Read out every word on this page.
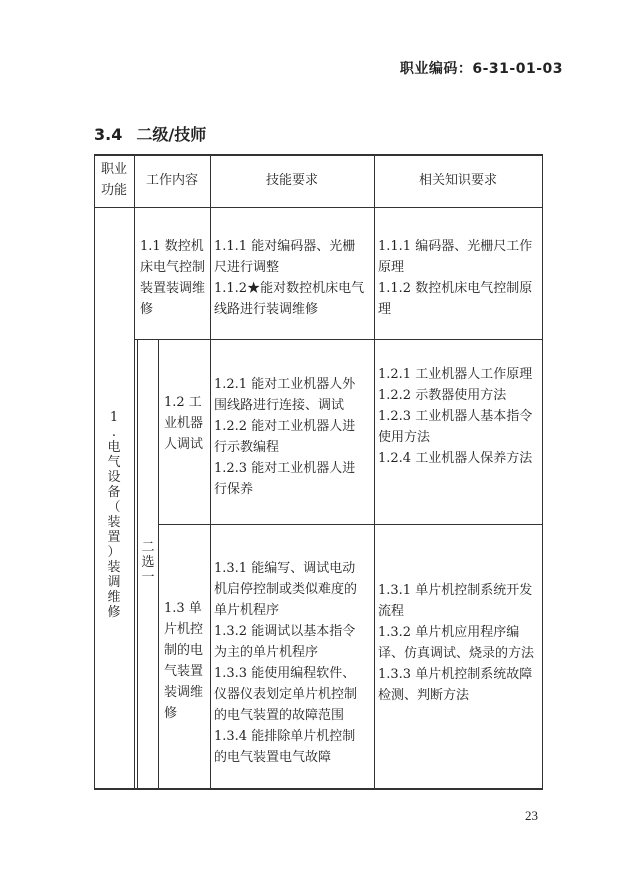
职业编码：6-31-01-03
3.4 二级/技师
职业功能
工作内容	技能要求	相关知识要求
1
.
电
气
设
备
（
装
置
）
装
调
维
修
二
选
一
1.1 数控机床电气控制装置装调维修

1.1.1 能对编码器、光栅尺进行调整

1.1.2★能对数控机床电气线路进行装调维修

1.1.1 编码器、光栅尺工作原理

1.1.2 数控机床电气控制原理

1.2 工业机器人调试

1.2.1 能对工业机器人外围线路进行连接、调试

1.2.2 能对工业机器人进行示教编程

1.2.3 能对工业机器人进行保养

1.2.1 工业机器人工作原理

1.2.2 示教器使用方法

1.2.3 工业机器人基本指令使用方法

1.2.4 工业机器人保养方法

1.3 单片机控制的电气装置装调维修

1.3.1 能编写、调试电动机启停控制或类似难度的单片机程序

1.3.2 能调试以基本指令为主的单片机程序

1.3.3 能使用编程软件、仪器仪表划定单片机控制的电气装置的故障范围

1.3.4 能排除单片机控制的电气装置电气故障

1.3.1 单片机控制系统开发流程

1.3.2 单片机应用程序编译、仿真调试、烧录的方法

1.3.3 单片机控制系统故障检测、判断方法

23
